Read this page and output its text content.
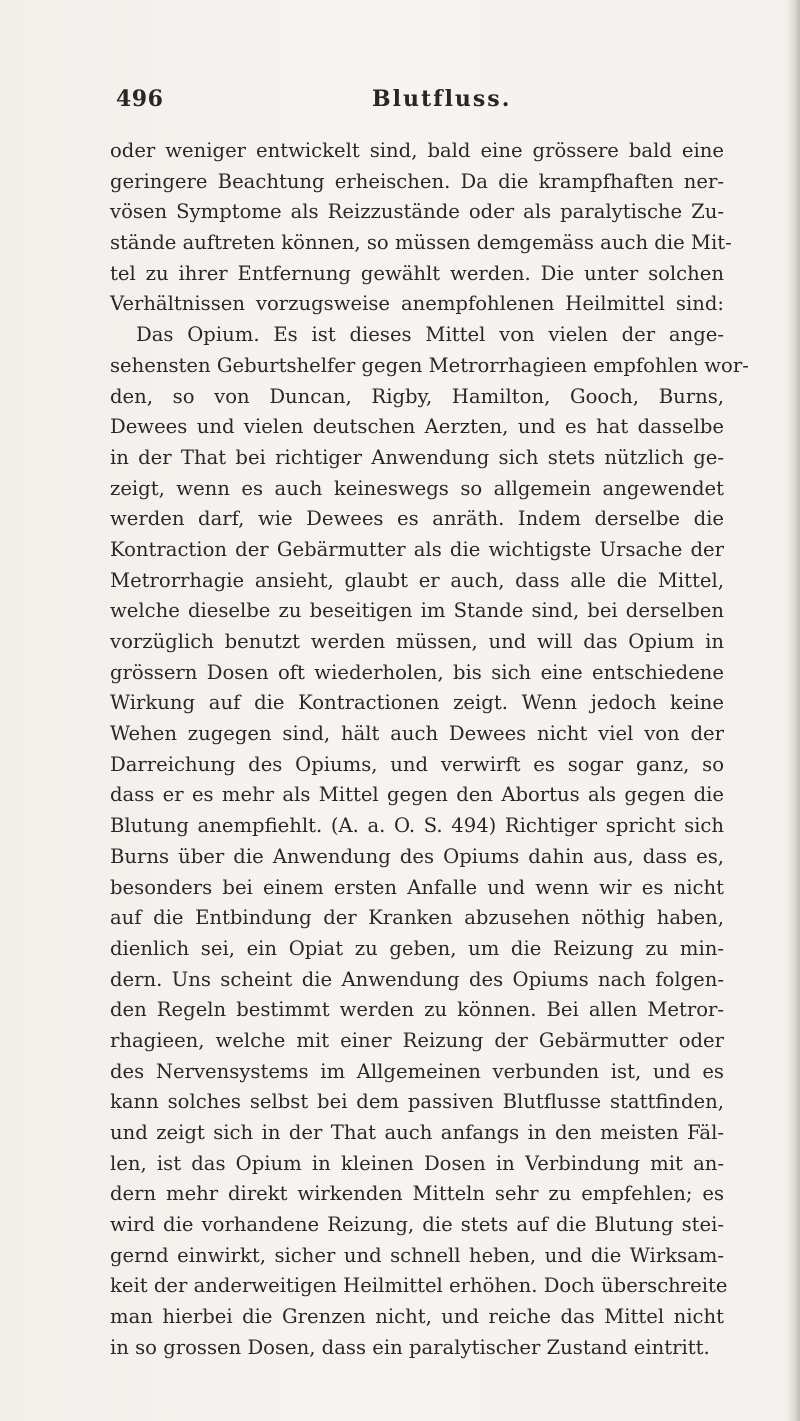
496	Blutfluss.
oder weniger entwickelt sind, bald eine grössere bald eine
geringere Beachtung erheischen. Da die krampfhaften ner-
vösen Symptome als Reizzustände oder als paralytische Zu-
stände auftreten können, so müssen demgemäss auch die Mit-
tel zu ihrer Entfernung gewählt werden. Die unter solchen
Verhältnissen vorzugsweise anempfohlenen Heilmittel sind:
Das Opium. Es ist dieses Mittel von vielen der ange-
sehensten Geburtshelfer gegen Metrorrhagieen empfohlen wor-
den, so von Duncan, Rigby, Hamilton, Gooch, Burns,
Dewees und vielen deutschen Aerzten, und es hat dasselbe
in der That bei richtiger Anwendung sich stets nützlich ge-
zeigt, wenn es auch keineswegs so allgemein angewendet
werden darf, wie Dewees es anräth. Indem derselbe die
Kontraction der Gebärmutter als die wichtigste Ursache der
Metrorrhagie ansieht, glaubt er auch, dass alle die Mittel,
welche dieselbe zu beseitigen im Stande sind, bei derselben
vorzüglich benutzt werden müssen, und will das Opium in
grössern Dosen oft wiederholen, bis sich eine entschiedene
Wirkung auf die Kontractionen zeigt. Wenn jedoch keine
Wehen zugegen sind, hält auch Dewees nicht viel von der
Darreichung des Opiums, und verwirft es sogar ganz, so
dass er es mehr als Mittel gegen den Abortus als gegen die
Blutung anempfiehlt. (A. a. O. S. 494) Richtiger spricht sich
Burns über die Anwendung des Opiums dahin aus, dass es,
besonders bei einem ersten Anfalle und wenn wir es nicht
auf die Entbindung der Kranken abzusehen nöthig haben,
dienlich sei, ein Opiat zu geben, um die Reizung zu min-
dern. Uns scheint die Anwendung des Opiums nach folgen-
den Regeln bestimmt werden zu können. Bei allen Metror-
rhagieen, welche mit einer Reizung der Gebärmutter oder
des Nervensystems im Allgemeinen verbunden ist, und es
kann solches selbst bei dem passiven Blutflusse stattfinden,
und zeigt sich in der That auch anfangs in den meisten Fäl-
len, ist das Opium in kleinen Dosen in Verbindung mit an-
dern mehr direkt wirkenden Mitteln sehr zu empfehlen; es
wird die vorhandene Reizung, die stets auf die Blutung stei-
gernd einwirkt, sicher und schnell heben, und die Wirksam-
keit der anderweitigen Heilmittel erhöhen. Doch überschreite
man hierbei die Grenzen nicht, und reiche das Mittel nicht
in so grossen Dosen, dass ein paralytischer Zustand eintritt.
